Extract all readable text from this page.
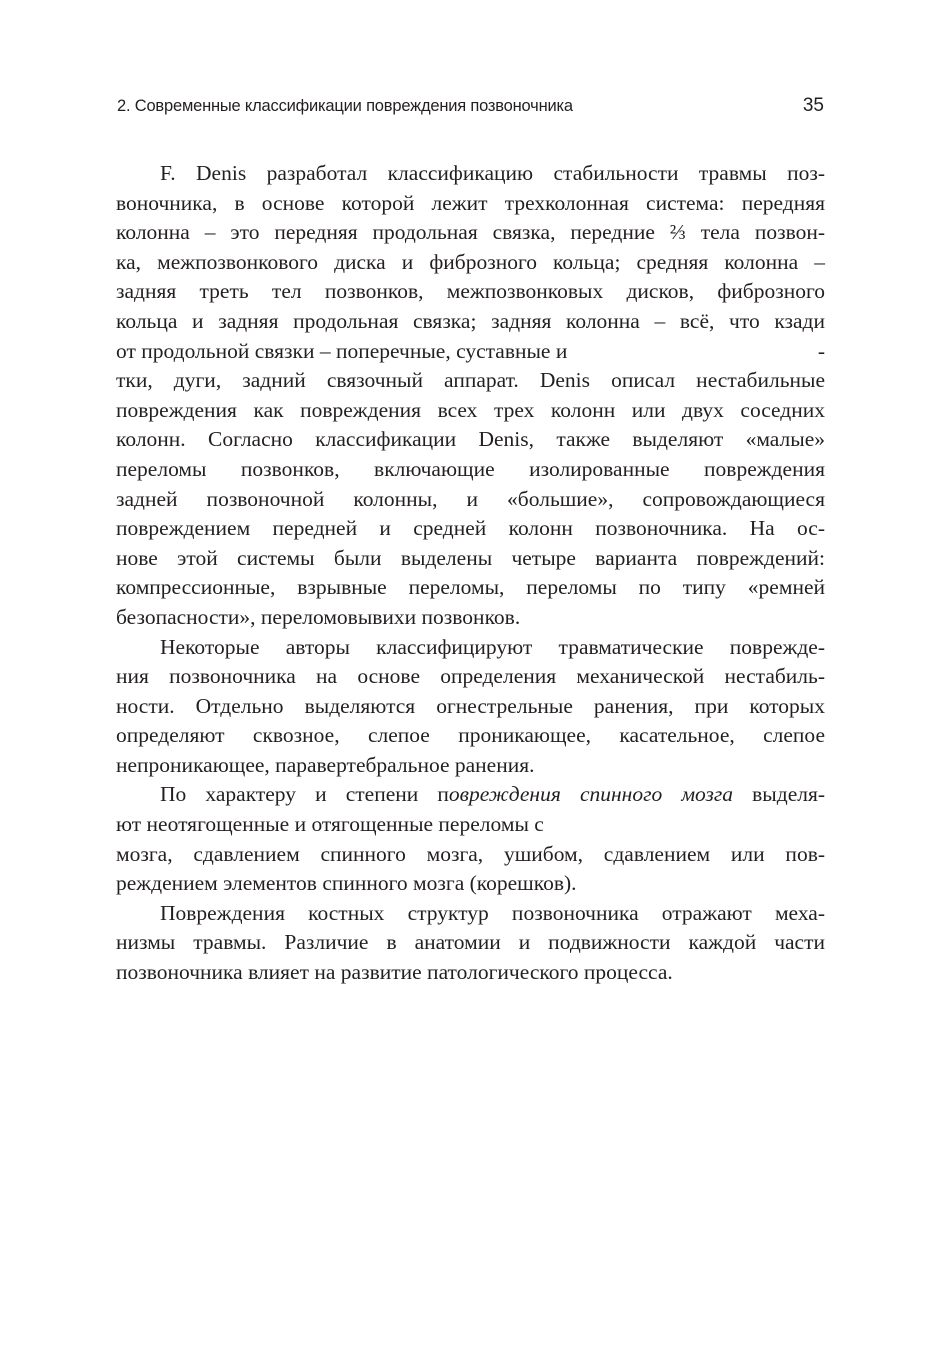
2. Современные классификации повреждения позвоночника	35
F. Denis разработал классификацию стабильности травмы поз-
воночника, в основе которой лежит трехколонная система: передняя
колонна – это передняя продольная связка, передние ⅔ тела позвон-
ка, межпозвонкового диска и фиброзного кольца; средняя колонна –
задняя треть тел позвонков, межпозвонковых дисков, фиброзного
кольца и задняя продольная связка; задняя колонна – всё, что кзади
от продольной связки – поперечные, суставные и	-
тки, дуги, задний связочный аппарат. Denis описал нестабильные
повреждения как повреждения всех трех колонн или двух соседних
колонн. Согласно классификации Denis, также выделяют «малые»
переломы позвонков, включающие изолированные повреждения
задней позвоночной колонны, и «большие», сопровождающиеся
повреждением передней и средней колонн позвоночника. На ос-
нове этой системы были выделены четыре варианта повреждений:
компрессионные, взрывные переломы, переломы по типу «ремней
безопасности», переломовывихи позвонков.
Некоторые авторы классифицируют травматические поврежде-
ния позвоночника на основе определения механической нестабиль-
ности. Отдельно выделяются огнестрельные ранения, при которых
определяют сквозное, слепое проникающее, касательное, слепое
непроникающее, паравертебральное ранения.
По характеру и степени повреждения спинного мозга выделя-
ют неотягощенные и отягощенные переломы с
мозга, сдавлением спинного мозга, ушибом, сдавлением или пов-
реждением элементов спинного мозга (корешков).
Повреждения костных структур позвоночника отражают меха-
низмы травмы. Различие в анатомии и подвижности каждой части
позвоночника влияет на развитие патологического процесса.
